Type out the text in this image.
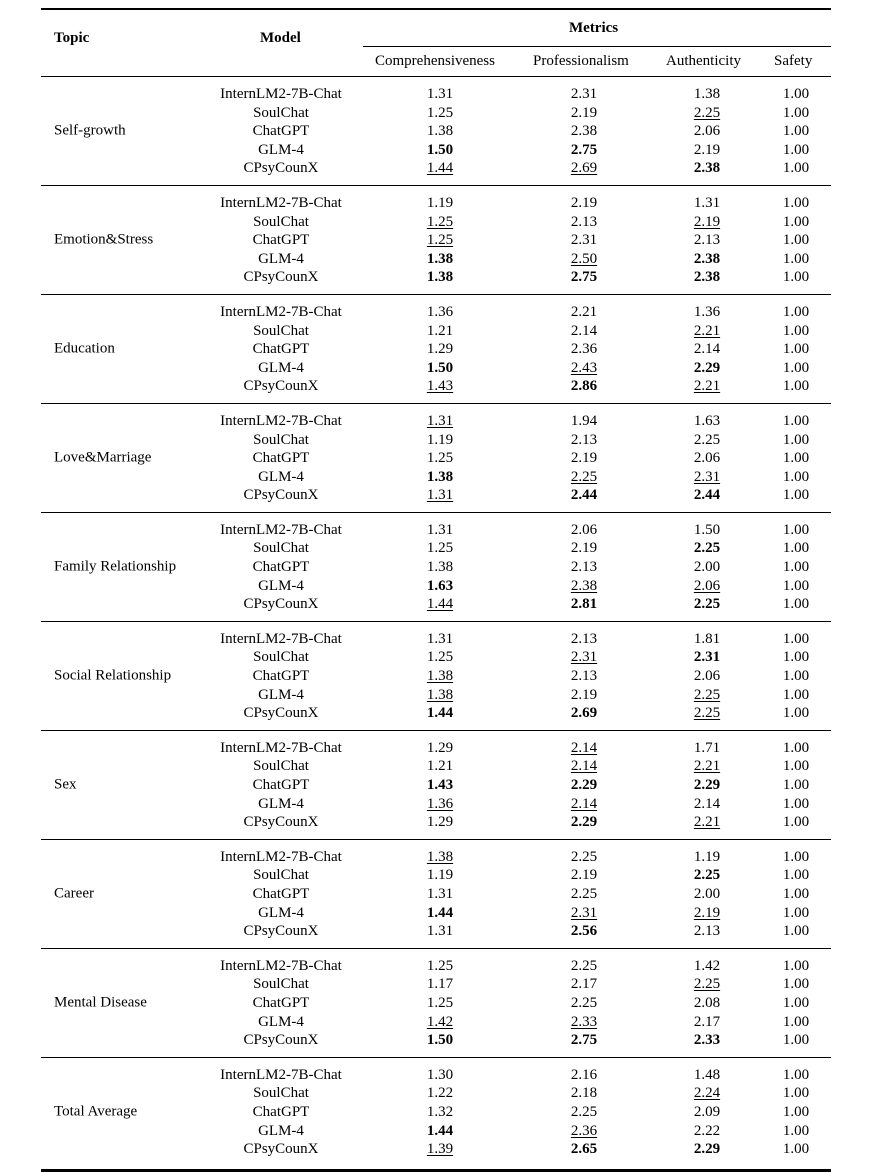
Topic	Model
Metrics
Comprehensiveness	Professionalism Authenticity Safety
Self-growth
InternLM2-7B-Chat	1.31	2.31	1.38	1.00
SoulChat	1.25	2.19	2.25	1.00
ChatGPT	1.38	2.38	2.06	1.00
GLM-4	1.50	2.75	2.19	1.00
CPsyCounX	1.44	2.69	2.38	1.00
Emotion&Stress
InternLM2-7B-Chat	1.19	2.19	1.31	1.00
SoulChat	1.25	2.13	2.19	1.00
ChatGPT	1.25	2.31	2.13	1.00
GLM-4	1.38	2.50	2.38	1.00
CPsyCounX	1.38	2.75	2.38	1.00
Education
InternLM2-7B-Chat	1.36	2.21	1.36	1.00
SoulChat	1.21	2.14	2.21	1.00
ChatGPT	1.29	2.36	2.14	1.00
GLM-4	1.50	2.43	2.29	1.00
CPsyCounX	1.43	2.86	2.21	1.00
Love&Marriage
InternLM2-7B-Chat	1.31	1.94	1.63	1.00
SoulChat	1.19	2.13	2.25	1.00
ChatGPT	1.25	2.19	2.06	1.00
GLM-4	1.38	2.25	2.31	1.00
CPsyCounX	1.31	2.44	2.44	1.00
Family Relationship
InternLM2-7B-Chat	1.31	2.06	1.50	1.00
SoulChat	1.25	2.19	2.25	1.00
ChatGPT	1.38	2.13	2.00	1.00
GLM-4	1.63	2.38	2.06	1.00
CPsyCounX	1.44	2.81	2.25	1.00
Social Relationship
InternLM2-7B-Chat	1.31	2.13	1.81	1.00
SoulChat	1.25	2.31	2.31	1.00
ChatGPT	1.38	2.13	2.06	1.00
GLM-4	1.38	2.19	2.25	1.00
CPsyCounX	1.44	2.69	2.25	1.00
Sex
InternLM2-7B-Chat	1.29	2.14	1.71	1.00
SoulChat	1.21	2.14	2.21	1.00
ChatGPT	1.43	2.29	2.29	1.00
GLM-4	1.36	2.14	2.14	1.00
CPsyCounX	1.29	2.29	2.21	1.00
Career
InternLM2-7B-Chat	1.38	2.25	1.19	1.00
SoulChat	1.19	2.19	2.25	1.00
ChatGPT	1.31	2.25	2.00	1.00
GLM-4	1.44	2.31	2.19	1.00
CPsyCounX	1.31	2.56	2.13	1.00
Mental Disease
InternLM2-7B-Chat	1.25	2.25	1.42	1.00
SoulChat	1.17	2.17	2.25	1.00
ChatGPT	1.25	2.25	2.08	1.00
GLM-4	1.42	2.33	2.17	1.00
CPsyCounX	1.50	2.75	2.33	1.00
Total Average
InternLM2-7B-Chat	1.30	2.16	1.48	1.00
SoulChat	1.22	2.18	2.24	1.00
ChatGPT	1.32	2.25	2.09	1.00
GLM-4	1.44	2.36	2.22	1.00
CPsyCounX	1.39	2.65	2.29	1.00
